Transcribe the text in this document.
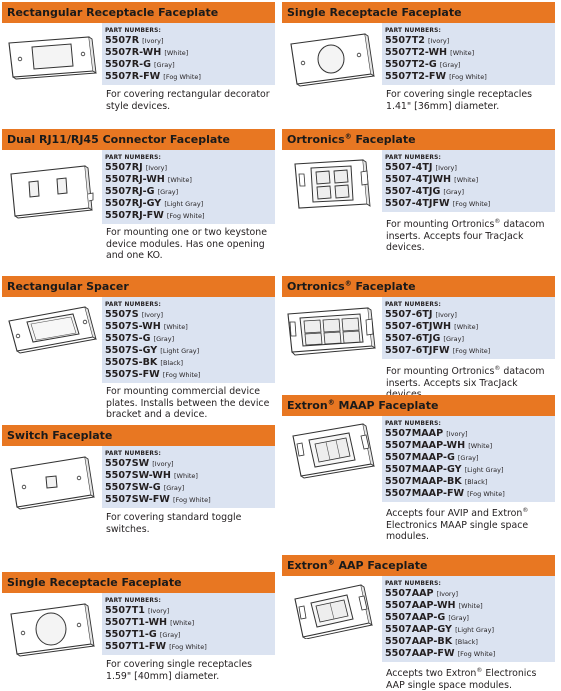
Rectangular Receptacle Faceplate
PART NUMBERS:
5507R [Ivory]
5507R-WH [White]
5507R-G [Gray]
5507R-FW [Fog White]
For covering rectangular decorator style devices.
Single Receptacle Faceplate
PART NUMBERS:
5507T2 [Ivory]
5507T2-WH [White]
5507T2-G [Gray]
5507T2-FW [Fog White]
For covering single receptacles 1.41" [36mm] diameter.
Dual RJ11/RJ45 Connector Faceplate
PART NUMBERS:
5507RJ [Ivory]
5507RJ-WH [White]
5507RJ-G [Gray]
5507RJ-GY [Light Gray]
5507RJ-FW [Fog White]
For mounting one or two keystone device modules. Has one opening and one KO.
Ortronics® Faceplate
PART NUMBERS:
5507-4TJ [Ivory]
5507-4TJWH [White]
5507-4TJG [Gray]
5507-4TJFW [Fog White]
For mounting Ortronics® datacom inserts. Accepts four TracJack devices.
Rectangular Spacer
PART NUMBERS:
5507S [Ivory]
5507S-WH [White]
5507S-G [Gray]
5507S-GY [Light Gray]
5507S-BK [Black]
5507S-FW [Fog White]
For mounting commercial device plates. Installs between the device bracket and a device.
Ortronics® Faceplate
PART NUMBERS:
5507-6TJ [Ivory]
5507-6TJWH [White]
5507-6TJG [Gray]
5507-6TJFW [Fog White]
For mounting Ortronics® datacom inserts. Accepts six TracJack
Extron® MAAP Faceplate
PART NUMBERS:
5507MAAP [Ivory]
5507MAAP-WH [White]
5507MAAP-G [Gray]
5507MAAP-GY [Light Gray]
5507MAAP-BK [Black]
5507MAAP-FW [Fog White]
Accepts four AVIP and Extron® Electronics MAAP single space modules.
Switch Faceplate
PART NUMBERS:
5507SW [Ivory]
5507SW-WH [White]
5507SW-G [Gray]
5507SW-FW [Fog White]
For covering standard toggle switches.
Extron® AAP Faceplate
PART NUMBERS:
5507AAP [Ivory]
5507AAP-WH [White]
5507AAP-G [Gray]
5507AAP-GY [Light Gray]
5507AAP-BK [Black]
5507AAP-FW [Fog White]
Accepts two Extron® Electronics AAP single space modules.
Single Receptacle Faceplate
PART NUMBERS:
5507T1 [Ivory]
5507T1-WH [White]
5507T1-G [Gray]
5507T1-FW [Fog White]
For covering single receptacles 1.59" [40mm] diameter.
